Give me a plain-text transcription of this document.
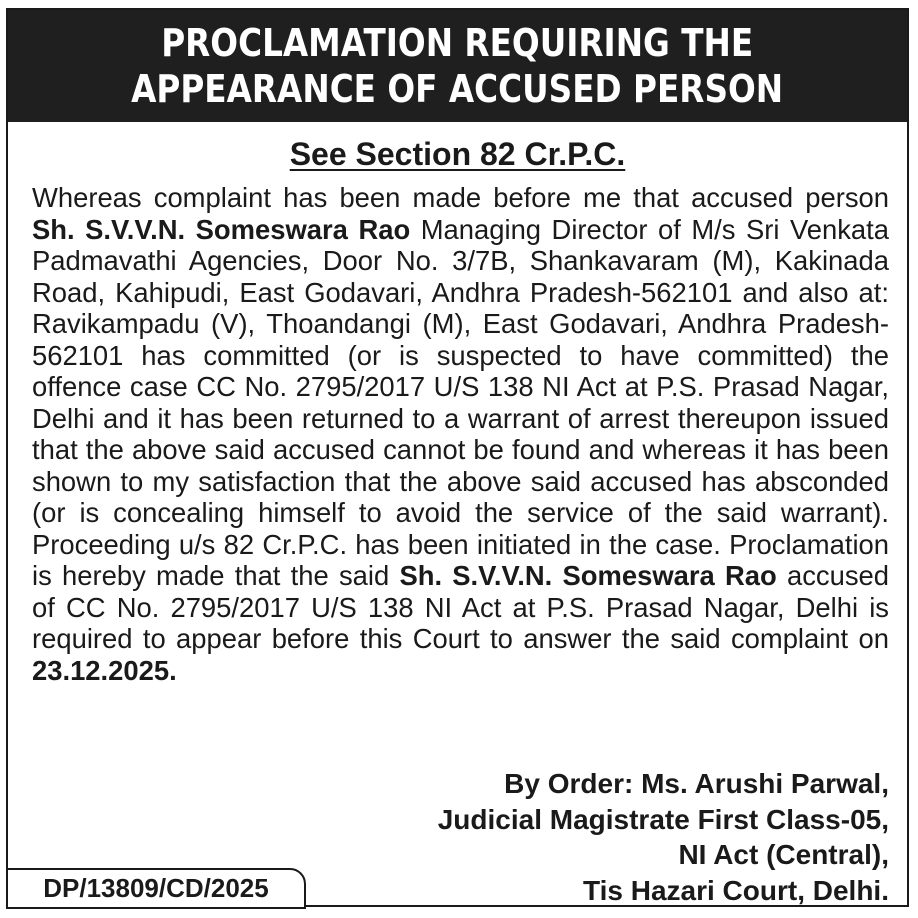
PROCLAMATION REQUIRING THE
APPEARANCE OF ACCUSED PERSON
See Section 82 Cr.P.C.
Whereas complaint has been made before me that accused person Sh. S.V.V.N. Someswara Rao Managing Director of M/s Sri Venkata Padmavathi Agencies, Door No. 3/7B, Shankavaram (M), Kakinada Road, Kahipudi, East Godavari, Andhra Pradesh-562101 and also at: Ravikampadu (V), Thoandangi (M), East Godavari, Andhra Pradesh-562101 has committed (or is suspected to have committed) the offence case CC No. 2795/2017 U/S 138 NI Act at P.S. Prasad Nagar, Delhi and it has been returned to a warrant of arrest thereupon issued that the above said accused cannot be found and whereas it has been shown to my satisfaction that the above said accused has absconded (or is concealing himself to avoid the service of the said warrant). Proceeding u/s 82 Cr.P.C. has been initiated in the case. Proclamation is hereby made that the said Sh. S.V.V.N. Someswara Rao accused of CC No. 2795/2017 U/S 138 NI Act at P.S. Prasad Nagar, Delhi is required to appear before this Court to answer the said complaint on 23.12.2025.
By Order: Ms. Arushi Parwal,
Judicial Magistrate First Class-05,
NI Act (Central),
Tis Hazari Court, Delhi.
DP/13809/CD/2025
